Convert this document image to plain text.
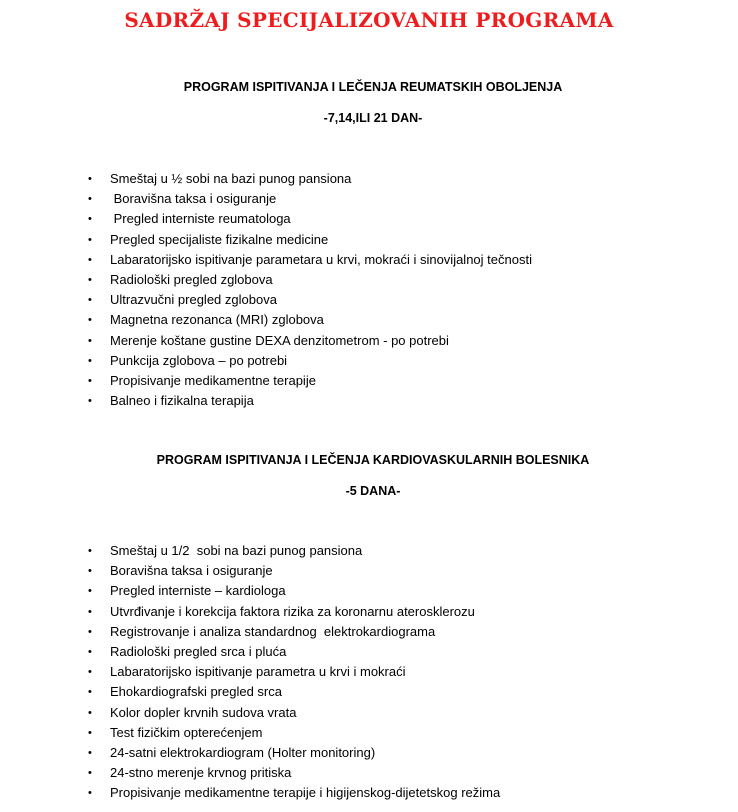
SADRŽAJ SPECIJALIZOVANIH PROGRAMA

PROGRAM ISPITIVANJA I LEČENJA REUMATSKIH OBOLJENJA

-7,14,ILI 21 DAN-

• Smeštaj u ½ sobi na bazi punog pansiona
• Boravišna taksa i osiguranje
• Pregled interniste reumatologa
• Pregled specijaliste fizikalne medicine
• Labaratorijsko ispitivanje parametara u krvi, mokraći i sinovijalnoj tečnosti
• Radiološki pregled zglobova
• Ultrazvučni pregled zglobova
• Magnetna rezonanca (MRI) zglobova
• Merenje koštane gustine DEXA denzitometrom - po potrebi
• Punkcija zglobova – po potrebi
• Propisivanje medikamentne terapije
• Balneo i fizikalna terapija

PROGRAM ISPITIVANJA I LEČENJA KARDIOVASKULARNIH BOLESNIKA

-5 DANA-

• Smeštaj u 1/2  sobi na bazi punog pansiona
• Boravišna taksa i osiguranje
• Pregled interniste – kardiologa
• Utvrđivanje i korekcija faktora rizika za koronarnu aterosklerozu
• Registrovanje i analiza standardnog  elektrokardiograma
• Radiološki pregled srca i pluća
• Labaratorijsko ispitivanje parametra u krvi i mokraći
• Ehokardiografski pregled srca
• Kolor dopler krvnih sudova vrata
• Test fizičkim opterećenjem
• 24-satni elektrokardiogram (Holter monitoring)
• 24-stno merenje krvnog pritiska
• Propisivanje medikamentne terapije i higijenskog-dijetetskog režima
